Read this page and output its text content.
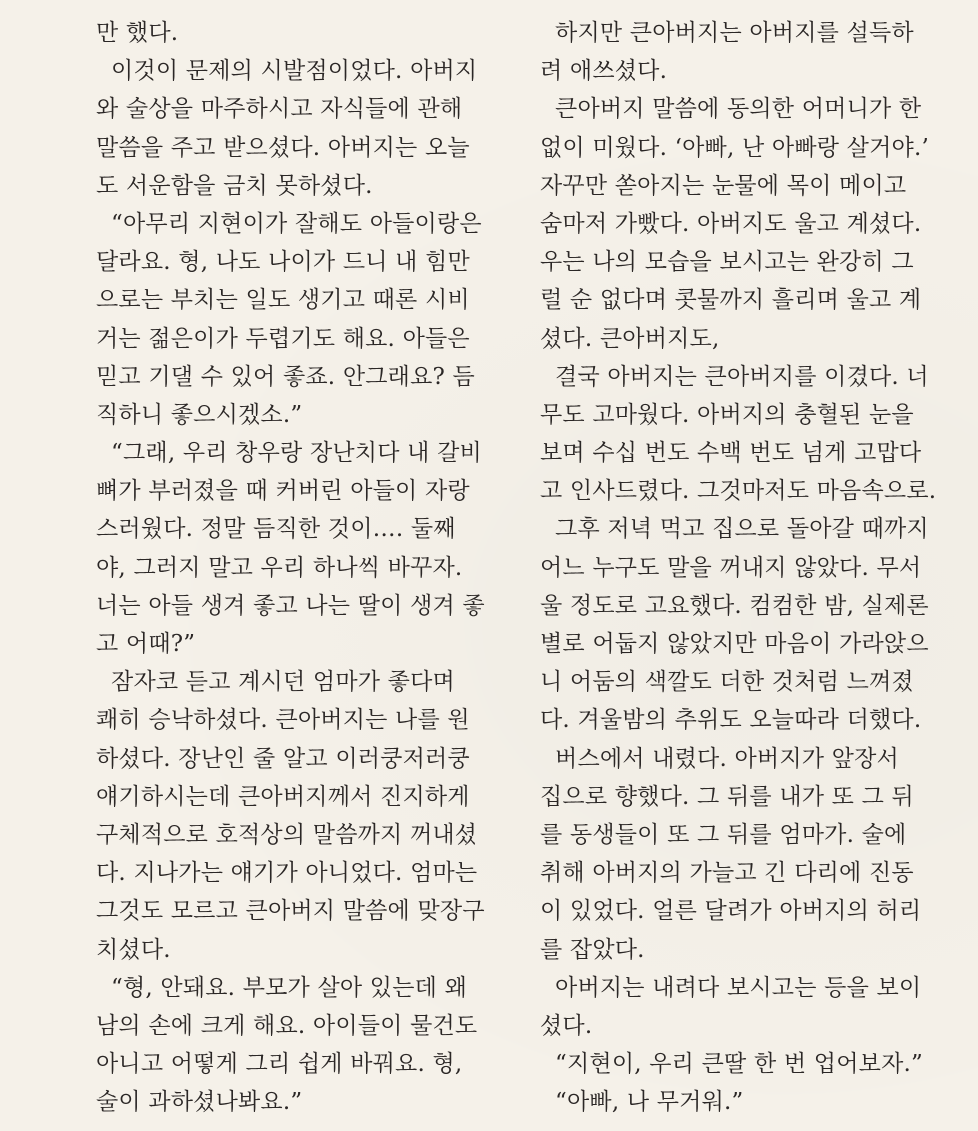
만 했다.
이것이 문제의 시발점이었다. 아버지
와 술상을 마주하시고 자식들에 관해
말씀을 주고 받으셨다. 아버지는 오늘
도 서운함을 금치 못하셨다.
“아무리 지현이가 잘해도 아들이랑은
달라요. 형, 나도 나이가 드니 내 힘만
으로는 부치는 일도 생기고 때론 시비
거는 젊은이가 두렵기도 해요. 아들은
믿고 기댈 수 있어 좋죠. 안그래요? 듬
직하니 좋으시겠소.”
“그래, 우리 창우랑 장난치다 내 갈비
뼈가 부러졌을 때 커버린 아들이 자랑
스러웠다. 정말 듬직한 것이…. 둘째
야, 그러지 말고 우리 하나씩 바꾸자.
너는 아들 생겨 좋고 나는 딸이 생겨 좋
고 어때?”
잠자코 듣고 계시던 엄마가 좋다며
쾌히 승낙하셨다. 큰아버지는 나를 원
하셨다. 장난인 줄 알고 이러쿵저러쿵
얘기하시는데 큰아버지께서 진지하게
구체적으로 호적상의 말씀까지 꺼내셨
다. 지나가는 얘기가 아니었다. 엄마는
그것도 모르고 큰아버지 말씀에 맞장구
치셨다.
“형, 안돼요. 부모가 살아 있는데 왜
남의 손에 크게 해요. 아이들이 물건도
아니고 어떻게 그리 쉽게 바꿔요. 형,
술이 과하셨나봐요.”
하지만 큰아버지는 아버지를 설득하
려 애쓰셨다.
큰아버지 말씀에 동의한 어머니가 한
없이 미웠다. ‘아빠, 난 아빠랑 살거야.’
자꾸만 쏟아지는 눈물에 목이 메이고
숨마저 가빴다. 아버지도 울고 계셨다.
우는 나의 모습을 보시고는 완강히 그
럴 순 없다며 콧물까지 흘리며 울고 계
셨다. 큰아버지도,
결국 아버지는 큰아버지를 이겼다. 너
무도 고마웠다. 아버지의 충혈된 눈을
보며 수십 번도 수백 번도 넘게 고맙다
고 인사드렸다. 그것마저도 마음속으로.
그후 저녁 먹고 집으로 돌아갈 때까지
어느 누구도 말을 꺼내지 않았다. 무서
울 정도로 고요했다. 컴컴한 밤, 실제론
별로 어둡지 않았지만 마음이 가라앉으
니 어둠의 색깔도 더한 것처럼 느껴졌
다. 겨울밤의 추위도 오늘따라 더했다.
버스에서 내렸다. 아버지가 앞장서
집으로 향했다. 그 뒤를 내가 또 그 뒤
를 동생들이 또 그 뒤를 엄마가. 술에
취해 아버지의 가늘고 긴 다리에 진동
이 있었다. 얼른 달려가 아버지의 허리
를 잡았다.
아버지는 내려다 보시고는 등을 보이
셨다.
“지현이, 우리 큰딸 한 번 업어보자.”
“아빠, 나 무거워.”
